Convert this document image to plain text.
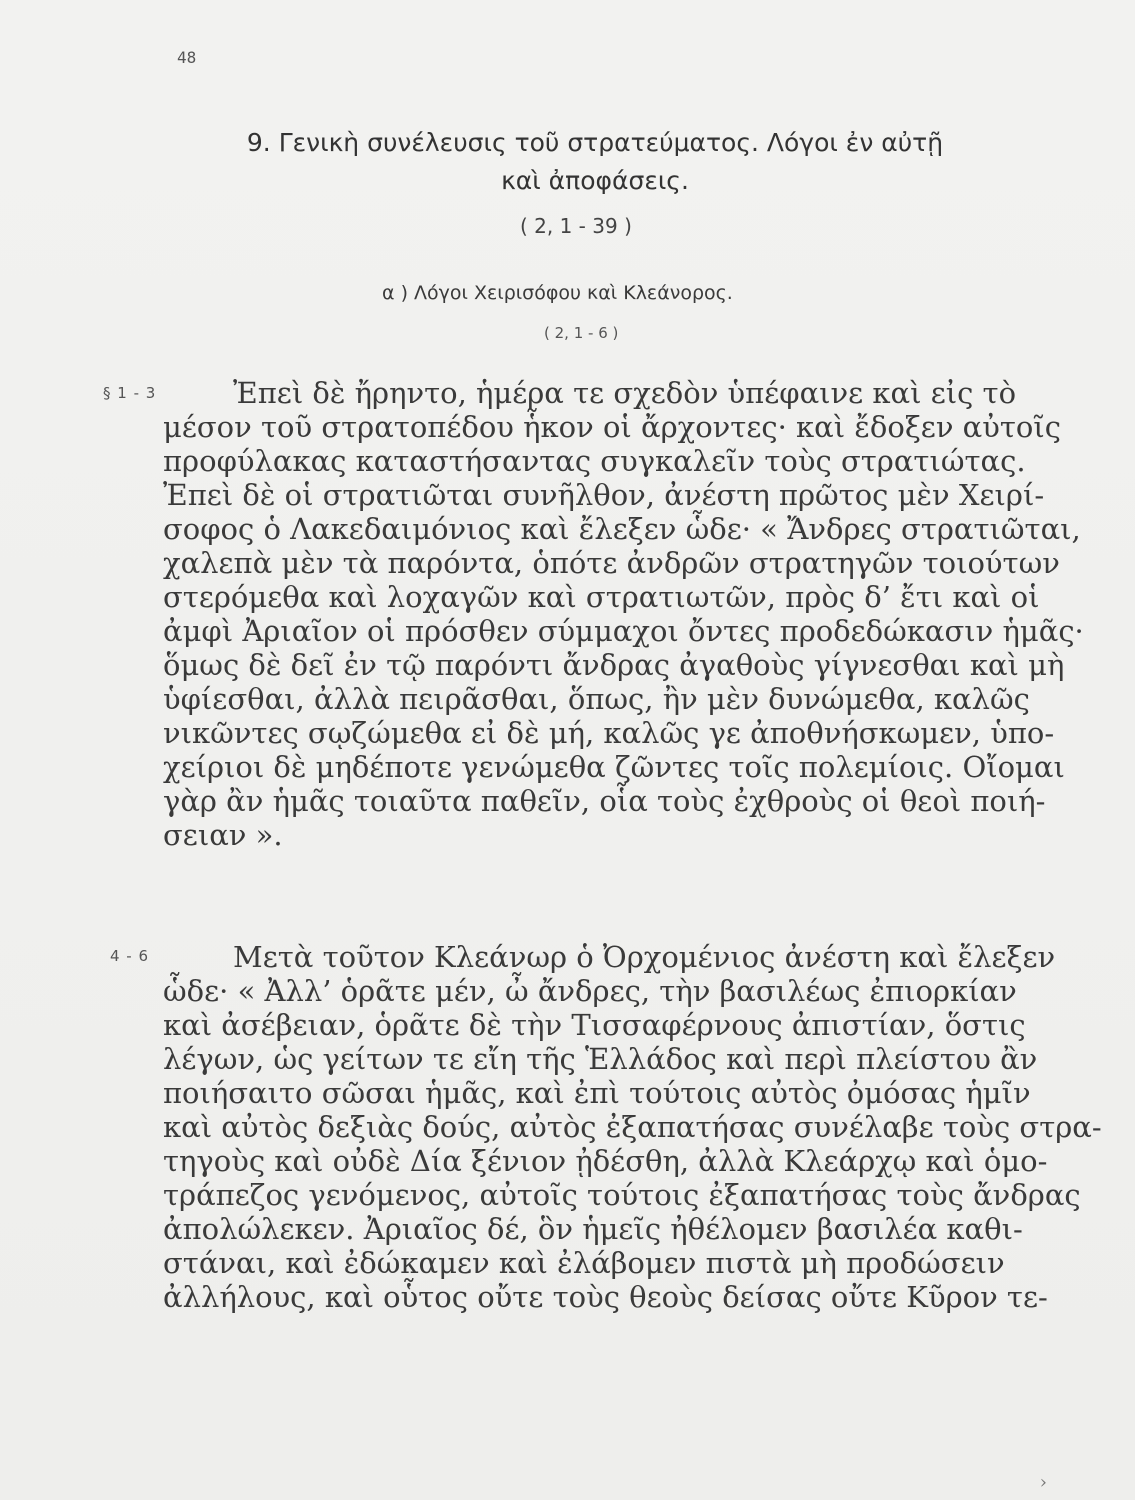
48
9. Γενικὴ συνέλευσις τοῦ στρατεύματος. Λόγοι ἐν αὐτῇ
καὶ ἀποφάσεις.
( 2, 1 - 39 )
α ) Λόγοι Χειρισόφου καὶ Κλεάνορος.
( 2, 1 - 6 )
§ 1 - 3	Ἐπεὶ δὲ ἤρηντο, ἡμέρα τε σχεδὸν ὑπέφαινε καὶ εἰς τὸ
μέσον τοῦ στρατοπέδου ἧκον οἱ ἄρχοντες· καὶ ἔδοξεν αὐτοῖς
προφύλακας καταστήσαντας συγκαλεῖν τοὺς στρατιώτας.
Ἐπεὶ δὲ οἱ στρατιῶται συνῆλθον, ἀνέστη πρῶτος μὲν Χειρί-
σοφος ὁ Λακεδαιμόνιος καὶ ἔλεξεν ὧδε· « Ἄνδρες στρατιῶται,
χαλεπὰ μὲν τὰ παρόντα, ὁπότε ἀνδρῶν στρατηγῶν τοιούτων
στερόμεθα καὶ λοχαγῶν καὶ στρατιωτῶν, πρὸς δ’ ἔτι καὶ οἱ
ἀμφὶ Ἀριαῖον οἱ πρόσθεν σύμμαχοι ὄντες προδεδώκασιν ἡμᾶς·
ὅμως δὲ δεῖ ἐν τῷ παρόντι ἄνδρας ἀγαθοὺς γίγνεσθαι καὶ μὴ
ὑφίεσθαι, ἀλλὰ πειρᾶσθαι, ὅπως, ἢν μὲν δυνώμεθα, καλῶς
νικῶντες σῳζώμεθα εἰ δὲ μή, καλῶς γε ἀποθνήσκωμεν, ὑπο-
χείριοι δὲ μηδέποτε γενώμεθα ζῶντες τοῖς πολεμίοις. Οἴομαι
γὰρ ἂν ἡμᾶς τοιαῦτα παθεῖν, οἷα τοὺς ἐχθροὺς οἱ θεοὶ ποιή-
σειαν ».
4 - 6	Μετὰ τοῦτον Κλεάνωρ ὁ Ὀρχομένιος ἀνέστη καὶ ἔλεξεν
ὧδε· « Ἀλλ’ ὁρᾶτε μέν, ὦ ἄνδρες, τὴν βασιλέως ἐπιορκίαν
καὶ ἀσέβειαν, ὁρᾶτε δὲ τὴν Τισσαφέρνους ἀπιστίαν, ὅστις
λέγων, ὡς γείτων τε εἴη τῆς Ἑλλάδος καὶ περὶ πλείστου ἂν
ποιήσαιτο σῶσαι ἡμᾶς, καὶ ἐπὶ τούτοις αὐτὸς ὀμόσας ἡμῖν
καὶ αὐτὸς δεξιὰς δούς, αὐτὸς ἐξαπατήσας συνέλαβε τοὺς στρα-
τηγοὺς καὶ οὐδὲ Δία ξένιον ᾐδέσθη, ἀλλὰ Κλεάρχῳ καὶ ὁμο-
τράπεζος γενόμενος, αὐτοῖς τούτοις ἐξαπατήσας τοὺς ἄνδρας
ἀπολώλεκεν. Ἀριαῖος δέ, ὃν ἡμεῖς ἠθέλομεν βασιλέα καθι-
στάναι, καὶ ἐδώκαμεν καὶ ἐλάβομεν πιστὰ μὴ προδώσειν
ἀλλήλους, καὶ οὗτος οὔτε τοὺς θεοὺς δείσας οὔτε Κῦρον τε-
›
